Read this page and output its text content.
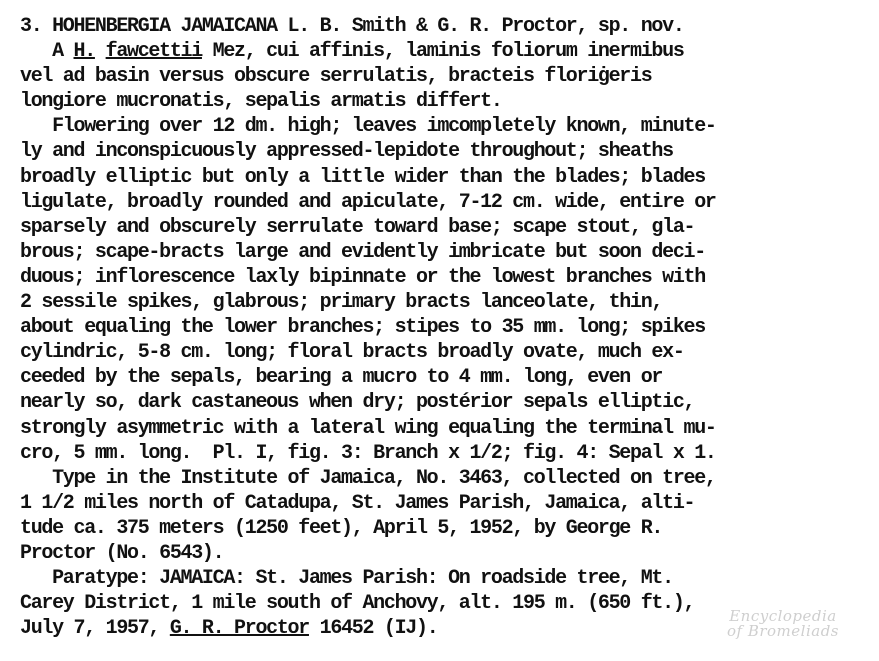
3. HOHENBERGIA JAMAICANA L. B. Smith & G. R. Proctor, sp. nov.
A H. fawcettii Mez, cui affinis, laminis foliorum inermibus
vel ad basin versus obscure serrulatis, bracteis floriġeris
longiore mucronatis, sepalis armatis differt.
Flowering over 12 dm. high; leaves imcompletely known, minute-
ly and inconspicuously appressed-lepidote throughout; sheaths
broadly elliptic but only a little wider than the blades; blades
ligulate, broadly rounded and apiculate, 7-12 cm. wide, entire or
sparsely and obscurely serrulate toward base; scape stout, gla-
brous; scape-bracts large and evidently imbricate but soon deci-
duous; inflorescence laxly bipinnate or the lowest branches with
2 sessile spikes, glabrous; primary bracts lanceolate, thin,
about equaling the lower branches; stipes to 35 mm. long; spikes
cylindric, 5-8 cm. long; floral bracts broadly ovate, much ex-
ceeded by the sepals, bearing a mucro to 4 mm. long, even or
nearly so, dark castaneous when dry; postérior sepals elliptic,
strongly asymmetric with a lateral wing equaling the terminal mu-
cro, 5 mm. long.  Pl. I, fig. 3: Branch x 1/2; fig. 4: Sepal x 1.
Type in the Institute of Jamaica, No. 3463, collected on tree,
1 1/2 miles north of Catadupa, St. James Parish, Jamaica, alti-
tude ca. 375 meters (1250 feet), April 5, 1952, by George R.
Proctor (No. 6543).
Paratype: JAMAICA: St. James Parish: On roadside tree, Mt.
Carey District, 1 mile south of Anchovy, alt. 195 m. (650 ft.),
July 7, 1957, G. R. Proctor 16452 (IJ).
Encyclopedia
of Bromeliads
